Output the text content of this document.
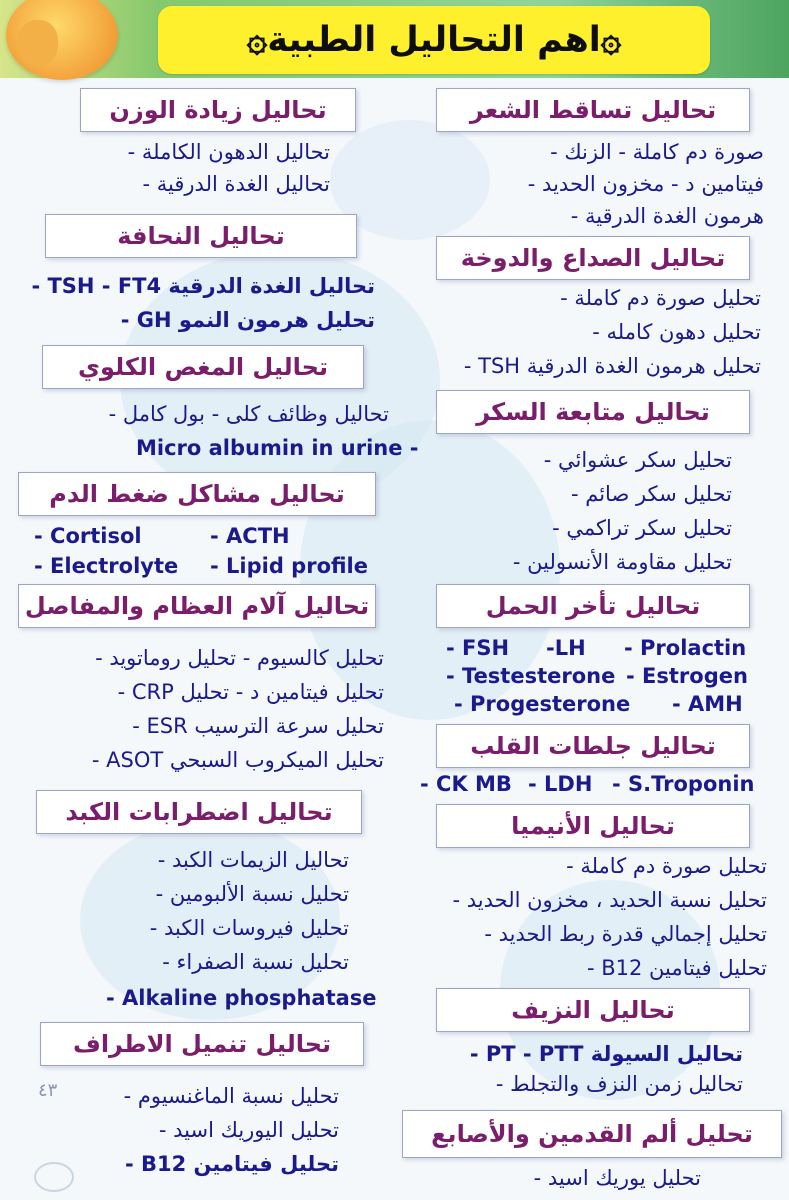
۞اهم التحاليل الطبية۞
تحاليل زيادة الوزن
تحاليل الدهون الكاملة -
تحاليل الغدة الدرقية -
تحاليل تساقط الشعر
صورة دم كاملة - الزنك -
فيتامين د - مخزون الحديد -
هرمون الغدة الدرقية -
تحاليل النحافة
تحاليل الغدة الدرقية TSH - FT4 -
تحليل هرمون النمو GH -
تحاليل الصداع والدوخة
تحليل صورة دم كاملة -
تحليل دهون كامله -
تحليل هرمون الغدة الدرقية TSH -
تحاليل المغص الكلوي
تحاليل وظائف كلى - بول كامل -
Micro albumin in urine -
تحاليل متابعة السكر
تحليل سكر عشوائي -
تحليل سكر صائم -
تحليل سكر تراكمي -
تحليل مقاومة الأنسولين -
تحاليل مشاكل ضغط الدم
- Cortisol	- ACTH
- Electrolyte - Lipid profile
تحاليل تأخر الحمل
- FSH -LH - Prolactin
- Testesterone - Estrogen
- Progesterone - AMH
تحاليل آلام العظام والمفاصل
تحليل كالسيوم - تحليل روماتويد -
تحليل فيتامين د - تحليل CRP -
تحليل سرعة الترسيب ESR -
تحليل الميكروب السبحي ASOT -	تحاليل جلطات القلب
- CK MB - LDH - S.Troponin
تحاليل اضطرابات الكبد
تحاليل الزيمات الكبد -
تحليل نسبة الألبومين -
تحليل فيروسات الكبد -
تحليل نسبة الصفراء -
- Alkaline phosphatase
تحاليل الأنيميا
تحليل صورة دم كاملة -
تحليل نسبة الحديد ، مخزون الحديد -
تحليل إجمالي قدرة ربط الحديد -
تحليل فيتامين B12 -
تحاليل النزيف
تحاليل السيولة PT - PTT -
تحاليل زمن النزف والتجلط -
تحاليل تنميل الاطراف
تحليل نسبة الماغنسيوم -
تحليل اليوريك اسيد -
تحليل فيتامين B12 -
٤٣
تحليل ألم القدمين والأصابع
تحليل يوريك اسيد -
